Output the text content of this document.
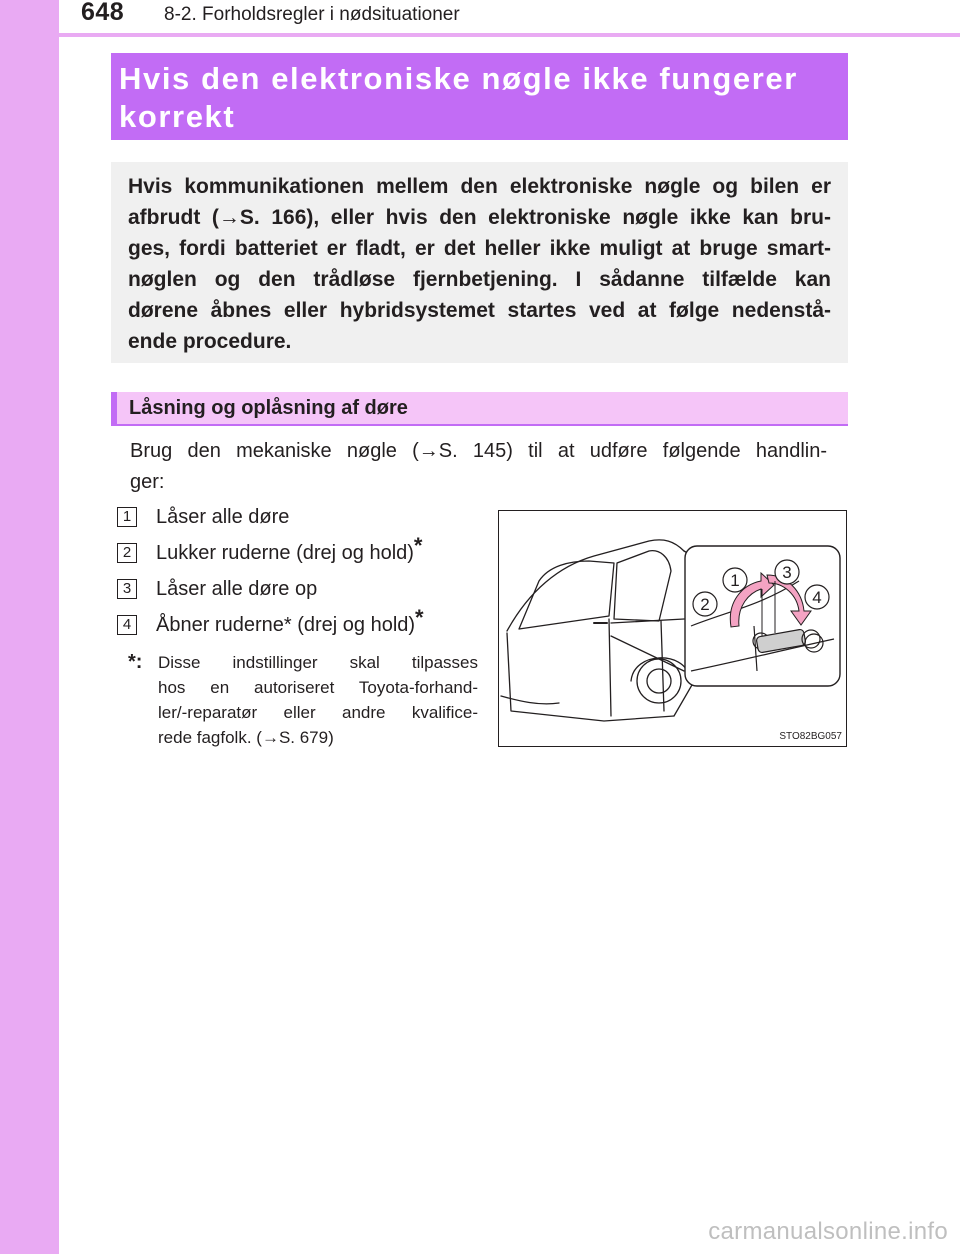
648 8-2. Forholdsregler i nødsituationer
Hvis den elektroniske nøgle ikke fungerer
korrekt

Hvis kommunikationen mellem den elektroniske nøgle og bilen er
afbrudt (→S. 166), eller hvis den elektroniske nøgle ikke kan bru-
ges, fordi batteriet er fladt, er det heller ikke muligt at bruge smart-
nøglen og den trådløse fjernbetjening. I sådanne tilfælde kan
dørene åbnes eller hybridsystemet startes ved at følge nedenstå-
ende procedure.

Låsning og oplåsning af døre
Brug den mekaniske nøgle (→S. 145) til at udføre følgende handlin-
ger:
1 Låser alle døre
2 Lukker ruderne (drej og hold)*
3 Låser alle døre op
4 Åbner ruderne* (drej og hold)*
*: Disse indstillinger skal tilpasses
hos en autoriseret Toyota-forhand-
ler/-reparatør eller andre kvalifice-
rede fagfolk. (→S. 679)
1
2
3
4
STO82BG057
carmanualsonline.info
